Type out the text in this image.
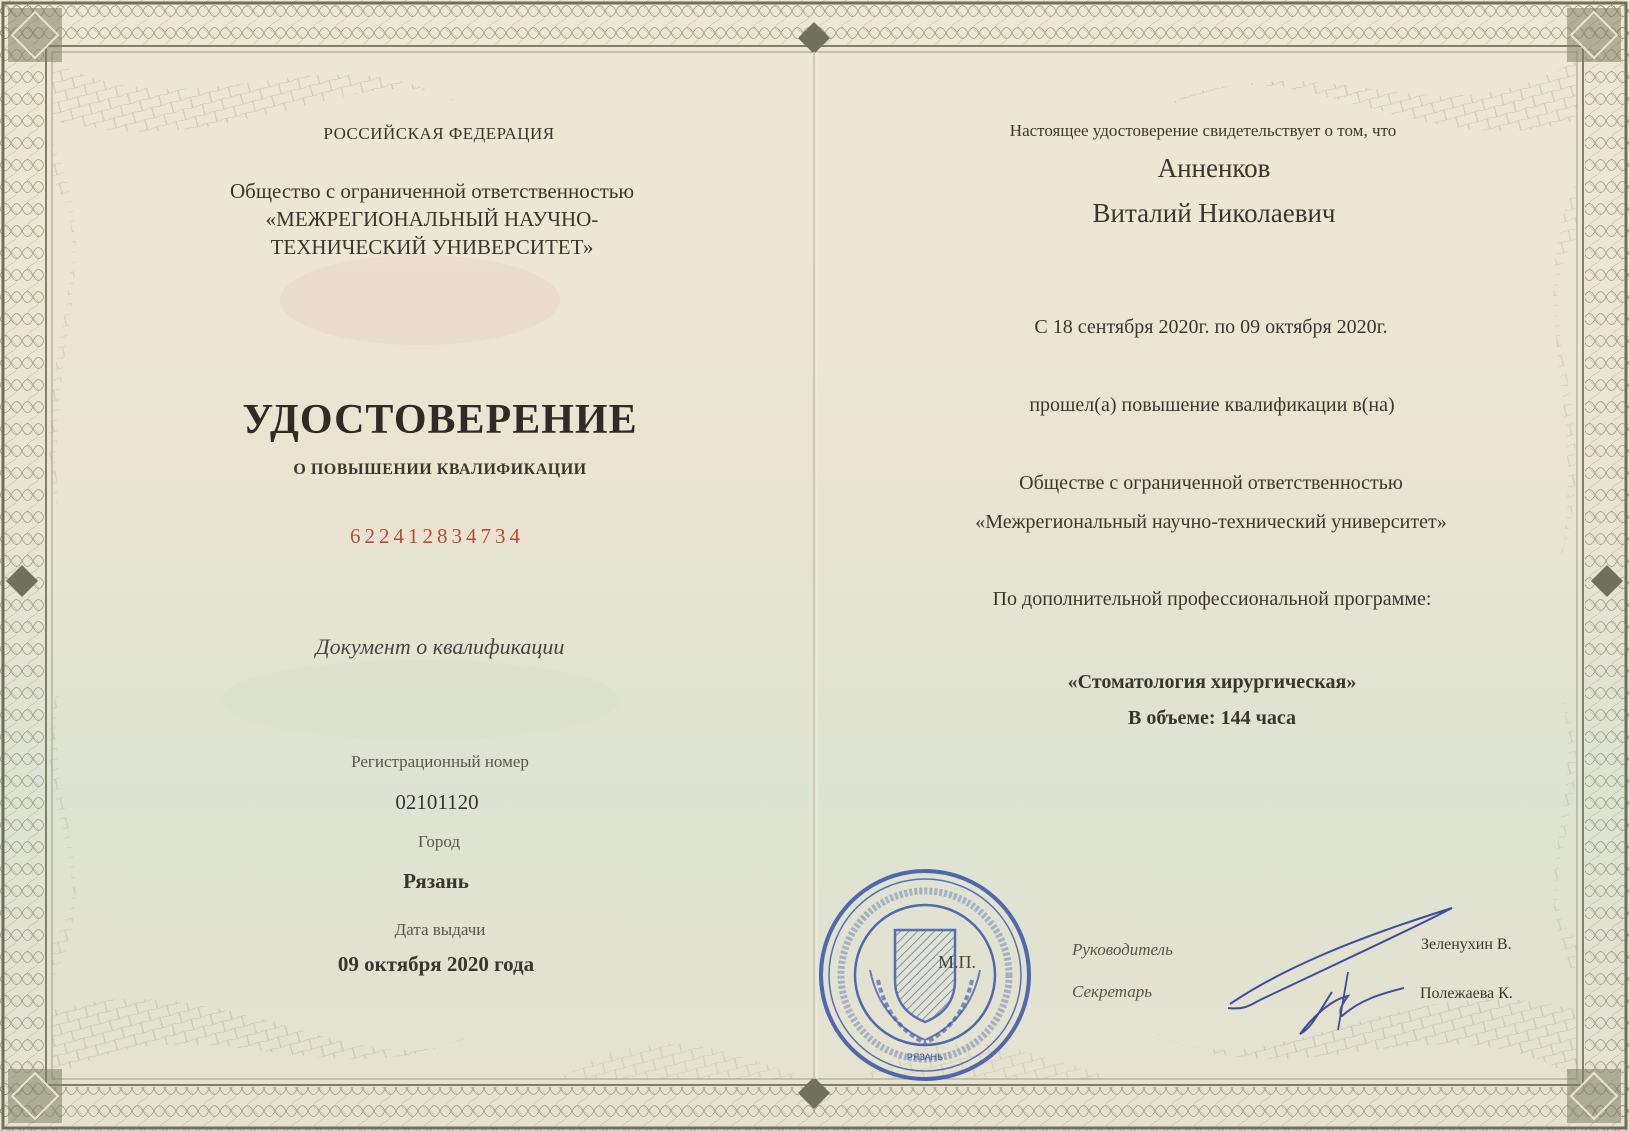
РОССИЙСКАЯ ФЕДЕРАЦИЯ
Общество с ограниченной ответственностью
«МЕЖРЕГИОНАЛЬНЫЙ НАУЧНО-
ТЕХНИЧЕСКИЙ УНИВЕРСИТЕТ»
УДОСТОВЕРЕНИЕ
О ПОВЫШЕНИИ КВАЛИФИКАЦИИ
622412834734
Документ о квалификации
Регистрационный номер
02101120
Город
Рязань
Дата выдачи
09 октября 2020 года
Настоящее удостоверение свидетельствует о том, что
Анненков
Виталий Николаевич
С 18 сентября 2020г. по 09 октября 2020г.
прошел(а) повышение квалификации в(на)
Обществе с ограниченной ответственностью
«Межрегиональный научно-технический университет»
По дополнительной профессиональной программе:
«Стоматология хирургическая»
В объеме: 144 часа
Руководитель
Секретарь
Зеленухин В.
Полежаева К.
РЯЗАНЬ
М.П.
